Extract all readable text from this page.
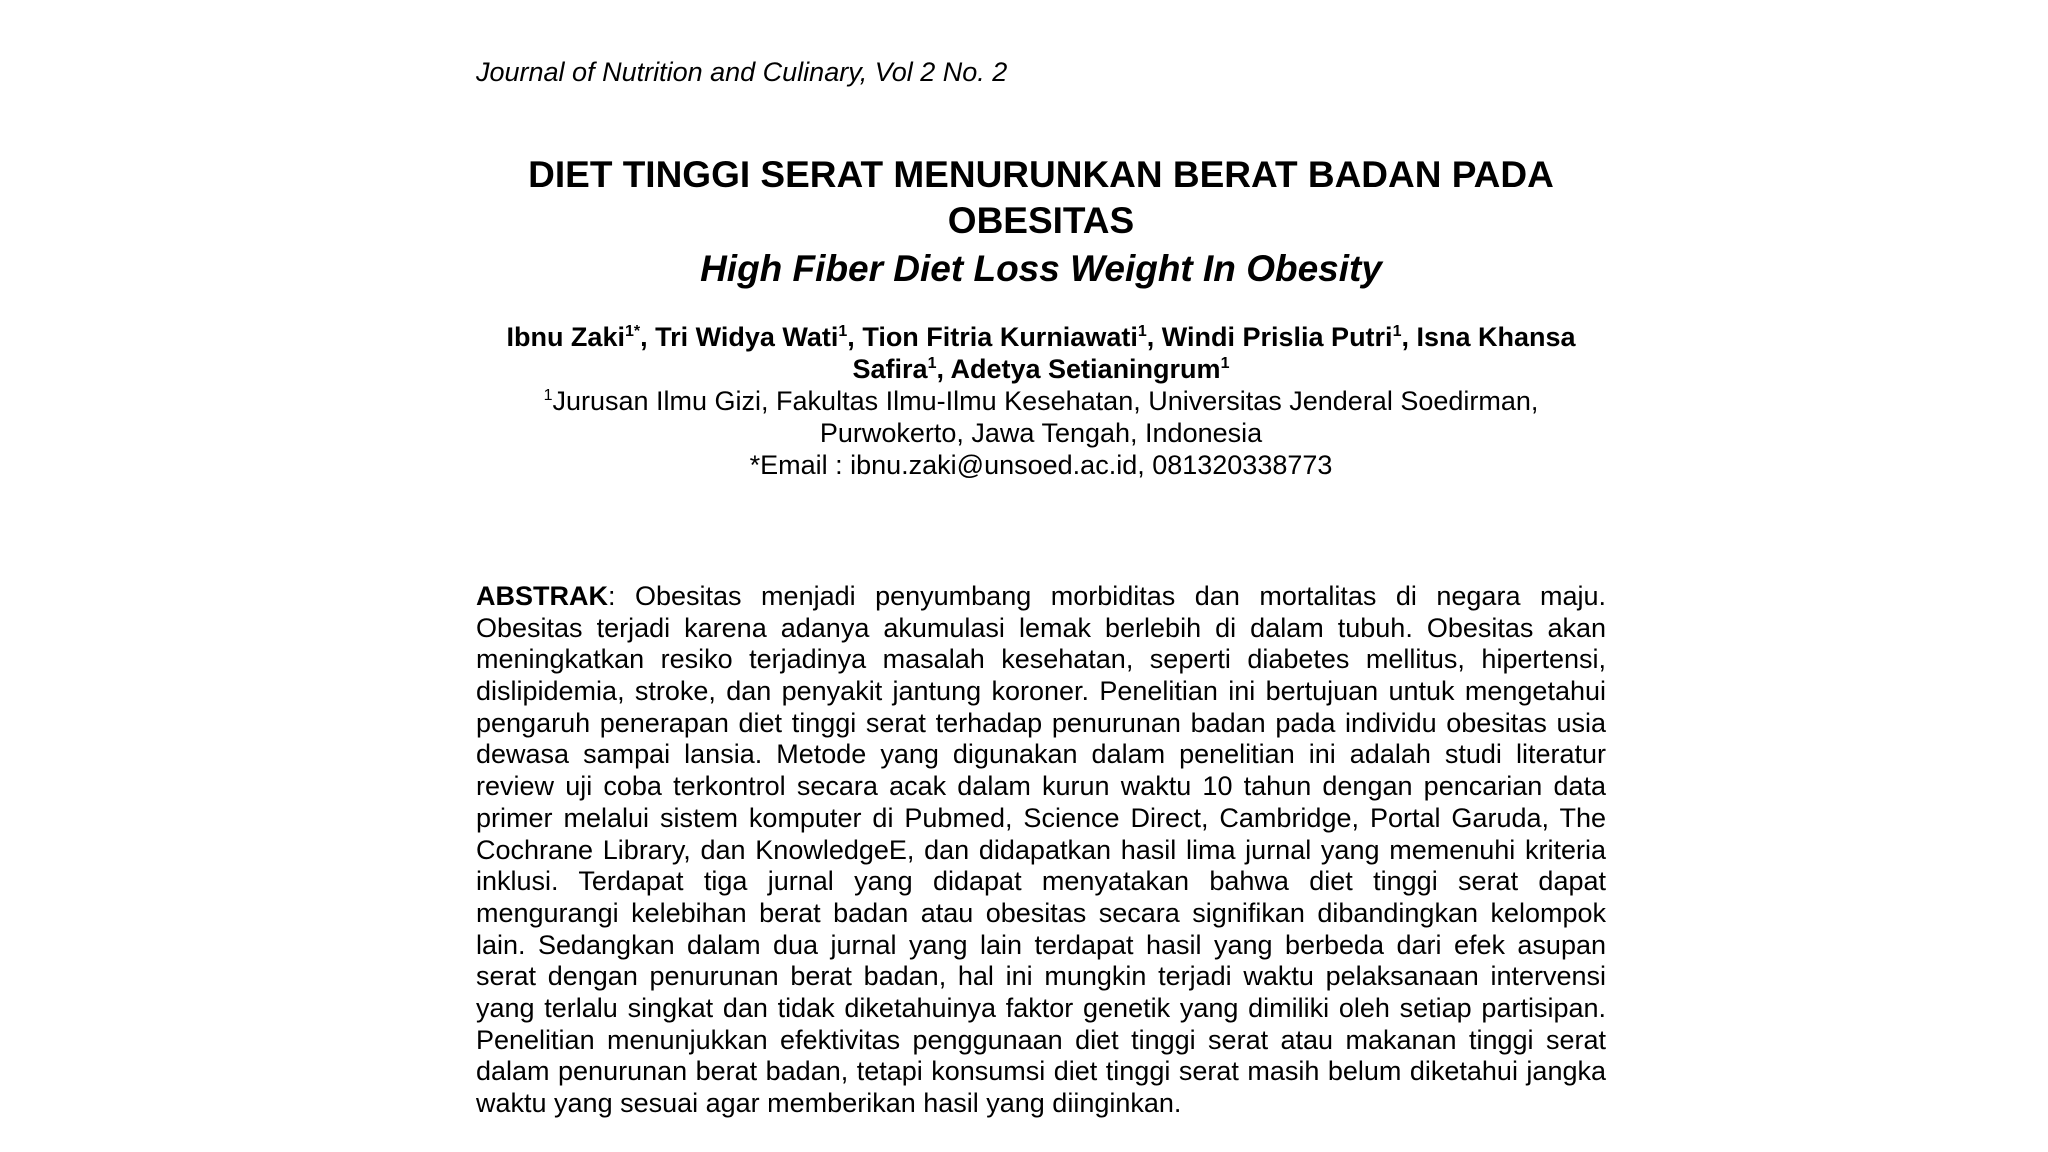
Journal of Nutrition and Culinary, Vol 2 No. 2
DIET TINGGI SERAT MENURUNKAN BERAT BADAN PADA
OBESITAS
High Fiber Diet Loss Weight In Obesity
Ibnu Zaki$^{1*}$, Tri Widya Wati$^1$, Tion Fitria Kurniawati$^1$, Windi Prislia Putri$^1$, Isna Khansa
Safira$^1$, Adetya Setianingrum$^1$
$^1$Jurusan Ilmu Gizi, Fakultas Ilmu-Ilmu Kesehatan, Universitas Jenderal Soedirman,
Purwokerto, Jawa Tengah, Indonesia
*Email : ibnu.zaki@unsoed.ac.id, 081320338773
ABSTRAK: Obesitas menjadi penyumbang morbiditas dan mortalitas di negara maju.
Obesitas terjadi karena adanya akumulasi lemak berlebih di dalam tubuh. Obesitas akan
meningkatkan resiko terjadinya masalah kesehatan, seperti diabetes mellitus, hipertensi,
dislipidemia, stroke, dan penyakit jantung koroner. Penelitian ini bertujuan untuk mengetahui
pengaruh penerapan diet tinggi serat terhadap penurunan badan pada individu obesitas usia
dewasa sampai lansia. Metode yang digunakan dalam penelitian ini adalah studi literatur
review uji coba terkontrol secara acak dalam kurun waktu 10 tahun dengan pencarian data
primer melalui sistem komputer di Pubmed, Science Direct, Cambridge, Portal Garuda, The
Cochrane Library, dan KnowledgeE, dan didapatkan hasil lima jurnal yang memenuhi kriteria
inklusi. Terdapat tiga jurnal yang didapat menyatakan bahwa diet tinggi serat dapat
mengurangi kelebihan berat badan atau obesitas secara signifikan dibandingkan kelompok
lain. Sedangkan dalam dua jurnal yang lain terdapat hasil yang berbeda dari efek asupan
serat dengan penurunan berat badan, hal ini mungkin terjadi waktu pelaksanaan intervensi
yang terlalu singkat dan tidak diketahuinya faktor genetik yang dimiliki oleh setiap partisipan.
Penelitian menunjukkan efektivitas penggunaan diet tinggi serat atau makanan tinggi serat
dalam penurunan berat badan, tetapi konsumsi diet tinggi serat masih belum diketahui jangka
waktu yang sesuai agar memberikan hasil yang diinginkan.
